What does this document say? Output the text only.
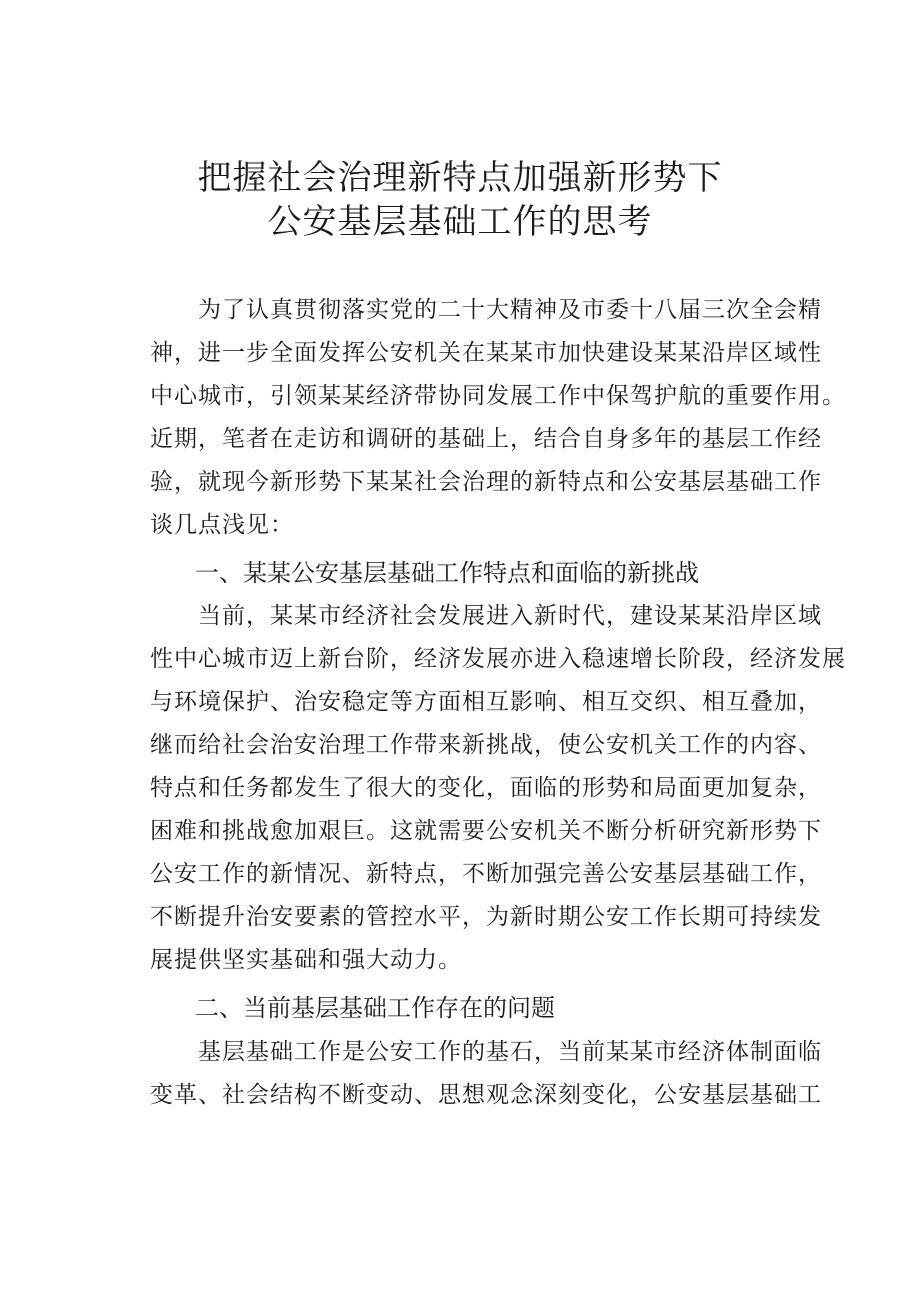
把握社会治理新特点加强新形势下
公安基层基础工作的思考
　　为了认真贯彻落实党的二十大精神及市委十八届三次全会精
神，进一步全面发挥公安机关在某某市加快建设某某沿岸区域性
中心城市，引领某某经济带协同发展工作中保驾护航的重要作用。
近期，笔者在走访和调研的基础上，结合自身多年的基层工作经
验，就现今新形势下某某社会治理的新特点和公安基层基础工作
谈几点浅见：
一、某某公安基层基础工作特点和面临的新挑战
　　当前，某某市经济社会发展进入新时代，建设某某沿岸区域
性中心城市迈上新台阶，经济发展亦进入稳速增长阶段，经济发展
与环境保护、治安稳定等方面相互影响、相互交织、相互叠加，
继而给社会治安治理工作带来新挑战，使公安机关工作的内容、
特点和任务都发生了很大的变化，面临的形势和局面更加复杂，
困难和挑战愈加艰巨。这就需要公安机关不断分析研究新形势下
公安工作的新情况、新特点，不断加强完善公安基层基础工作，
不断提升治安要素的管控水平，为新时期公安工作长期可持续发
展提供坚实基础和强大动力。
二、当前基层基础工作存在的问题
　　基层基础工作是公安工作的基石，当前某某市经济体制面临
变革、社会结构不断变动、思想观念深刻变化，公安基层基础工
